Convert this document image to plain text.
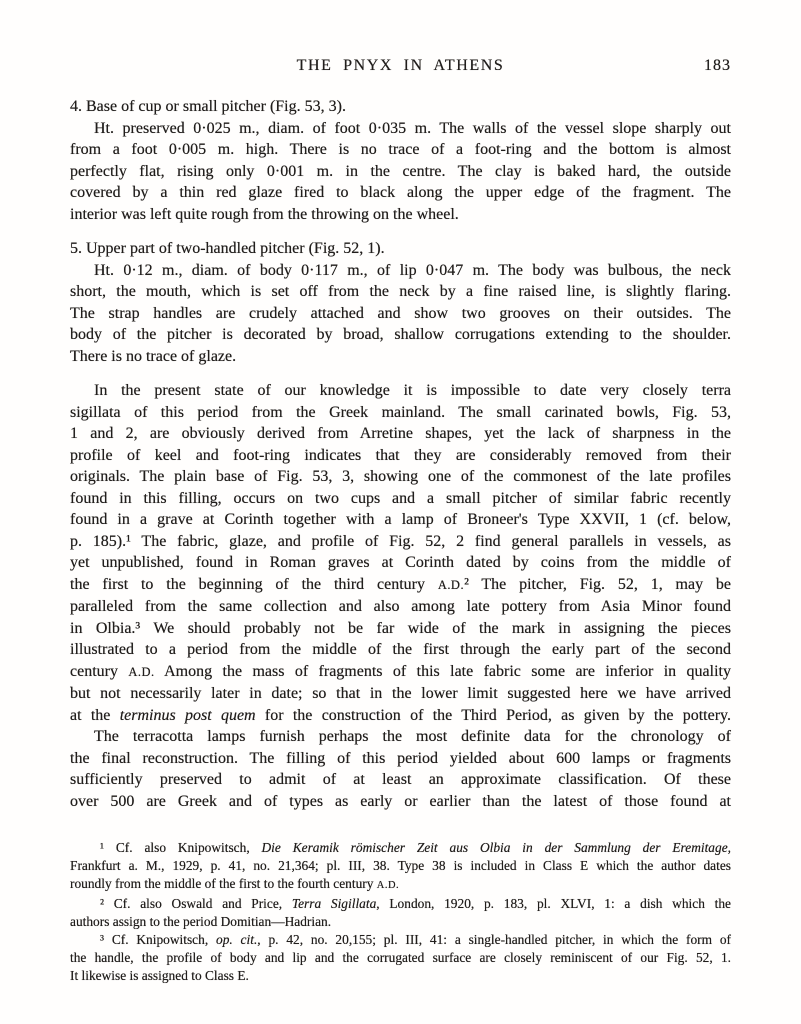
THE PNYX IN ATHENS	183
4. Base of cup or small pitcher (Fig. 53, 3).
Ht. preserved 0·025 m., diam. of foot 0·035 m. The walls of the vessel slope sharply out
from a foot 0·005 m. high. There is no trace of a foot-ring and the bottom is almost
perfectly flat, rising only 0·001 m. in the centre. The clay is baked hard, the outside
covered by a thin red glaze fired to black along the upper edge of the fragment. The
interior was left quite rough from the throwing on the wheel.
5. Upper part of two-handled pitcher (Fig. 52, 1).
Ht. 0·12 m., diam. of body 0·117 m., of lip 0·047 m. The body was bulbous, the neck
short, the mouth, which is set off from the neck by a fine raised line, is slightly flaring.
The strap handles are crudely attached and show two grooves on their outsides. The
body of the pitcher is decorated by broad, shallow corrugations extending to the shoulder.
There is no trace of glaze.
In the present state of our knowledge it is impossible to date very closely terra
sigillata of this period from the Greek mainland. The small carinated bowls, Fig. 53,
1 and 2, are obviously derived from Arretine shapes, yet the lack of sharpness in the
profile of keel and foot-ring indicates that they are considerably removed from their
originals. The plain base of Fig. 53, 3, showing one of the commonest of the late profiles
found in this filling, occurs on two cups and a small pitcher of similar fabric recently
found in a grave at Corinth together with a lamp of Broneer's Type XXVII, 1 (cf. below,
p. 185).¹ The fabric, glaze, and profile of Fig. 52, 2 find general parallels in vessels, as
yet unpublished, found in Roman graves at Corinth dated by coins from the middle of
the first to the beginning of the third century A.D.² The pitcher, Fig. 52, 1, may be
paralleled from the same collection and also among late pottery from Asia Minor found
in Olbia.³ We should probably not be far wide of the mark in assigning the pieces
illustrated to a period from the middle of the first through the early part of the second
century A.D. Among the mass of fragments of this late fabric some are inferior in quality
but not necessarily later in date; so that in the lower limit suggested here we have arrived
at the terminus post quem for the construction of the Third Period, as given by the pottery.
The terracotta lamps furnish perhaps the most definite data for the chronology of
the final reconstruction. The filling of this period yielded about 600 lamps or fragments
sufficiently preserved to admit of at least an approximate classification. Of these
over 500 are Greek and of types as early or earlier than the latest of those found at
¹ Cf. also Knipowitsch, Die Keramik römischer Zeit aus Olbia in der Sammlung der Eremitage,
Frankfurt a. M., 1929, p. 41, no. 21,364; pl. III, 38. Type 38 is included in Class E which the author dates
roundly from the middle of the first to the fourth century A.D.
² Cf. also Oswald and Price, Terra Sigillata, London, 1920, p. 183, pl. XLVI, 1: a dish which the
authors assign to the period Domitian—Hadrian.
³ Cf. Knipowitsch, op. cit., p. 42, no. 20,155; pl. III, 41: a single-handled pitcher, in which the form of
the handle, the profile of body and lip and the corrugated surface are closely reminiscent of our Fig. 52, 1.
It likewise is assigned to Class E.
